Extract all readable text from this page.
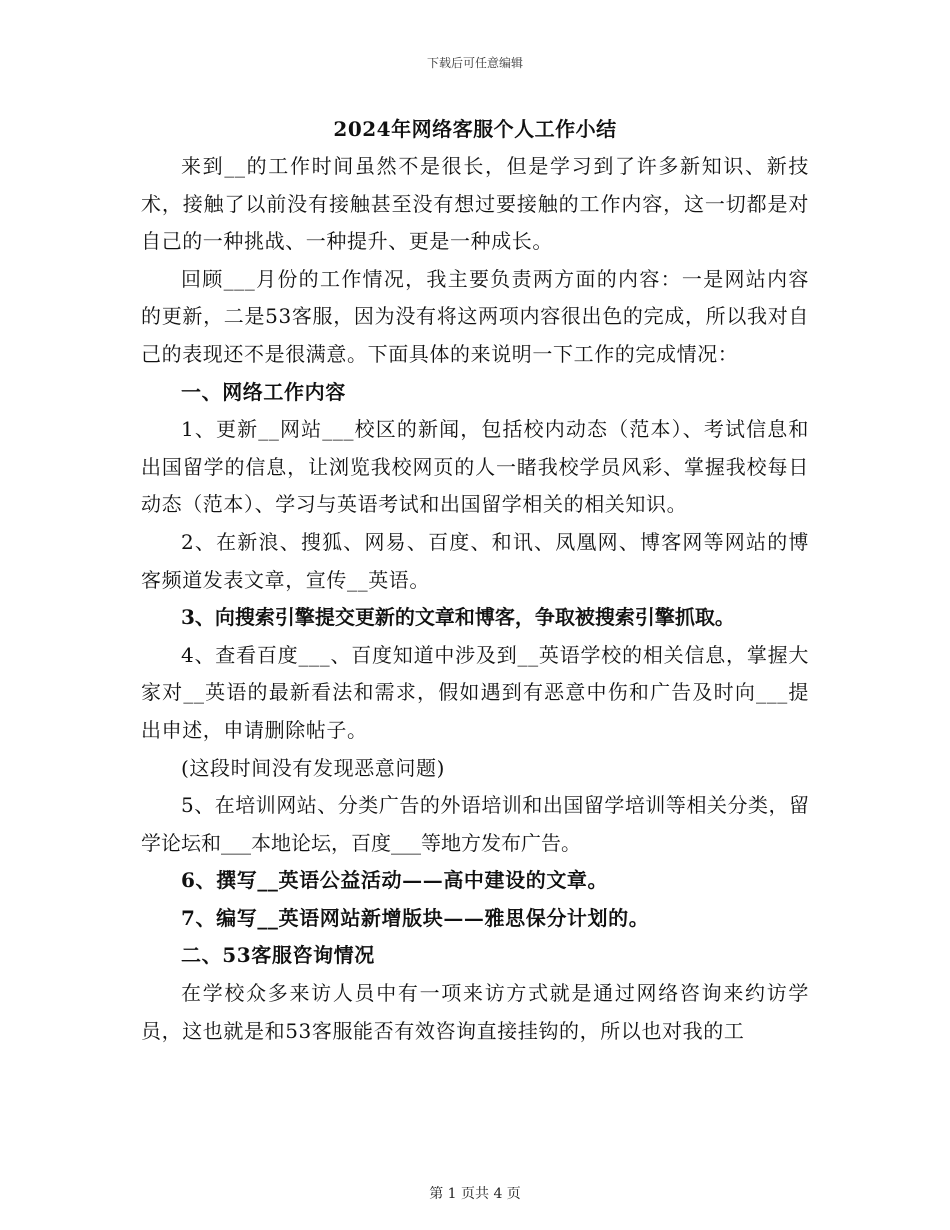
下载后可任意编辑
2024年网络客服个人工作小结

来到__的工作时间虽然不是很长，但是学习到了许多新知识、新技术，接触了以前没有接触甚至没有想过要接触的工作内容，这一切都是对自己的一种挑战、一种提升、更是一种成长。

回顾___月份的工作情况，我主要负责两方面的内容：一是网站内容的更新，二是53客服，因为没有将这两项内容很出色的完成，所以我对自己的表现还不是很满意。下面具体的来说明一下工作的完成情况：

一、网络工作内容

1、更新__网站___校区的新闻，包括校内动态（范本）、考试信息和出国留学的信息，让浏览我校网页的人一睹我校学员风彩、掌握我校每日动态（范本）、学习与英语考试和出国留学相关的相关知识。

2、在新浪、搜狐、网易、百度、和讯、凤凰网、博客网等网站的博客频道发表文章，宣传__英语。

3、向搜索引擎提交更新的文章和博客，争取被搜索引擎抓取。

4、查看百度___、百度知道中涉及到__英语学校的相关信息，掌握大家对__英语的最新看法和需求，假如遇到有恶意中伤和广告及时向___提出申述，申请删除帖子。

(这段时间没有发现恶意问题)

5、在培训网站、分类广告的外语培训和出国留学培训等相关分类，留学论坛和___本地论坛，百度___等地方发布广告。

6、撰写__英语公益活动——高中建设的文章。

7、编写__英语网站新增版块——雅思保分计划的。

二、53客服咨询情况

在学校众多来访人员中有一项来访方式就是通过网络咨询来约访学员，这也就是和53客服能否有效咨询直接挂钩的，所以也对我的工

第 1 页共 4 页
